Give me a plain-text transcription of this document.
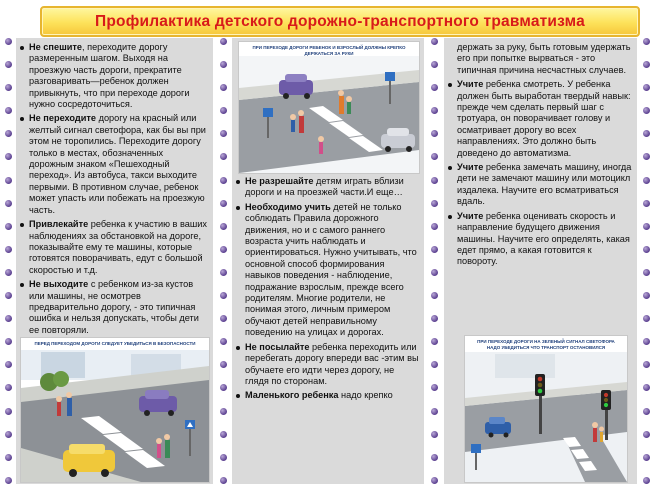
Профилактика детского дорожно-транспортного травматизма
Не спешите, переходите дорогу размеренным шагом. Выходя на проезжую часть дороги, прекратите разговаривать—ребенок должен привыкнуть, что при переходе дороги нужно сосредоточиться.
Не переходите дорогу на красный или желтый сигнал светофора, как бы вы при этом не торопились. Переходите дорогу только в местах, обозначенных дорожным знаком «Пешеходный переход». Из автобуса, такси выходите первыми. В противном случае, ребенок может упасть или побежать на проезжую часть.
Привлекайте ребенка к участию в ваших наблюдениях за обстановкой на дороге, показывайте ему те машины, которые готовятся поворачивать, едут с большой скоростью и т.д.
Не выходите с ребенком из-за кустов или машины, не осмотрев предварительно дорогу, - это типичная ошибка и нельзя допускать, чтобы дети ее повторяли.
ПЕРЕД ПЕРЕХОДОМ ДОРОГИ СЛЕДУЕТ УБЕДИТЬСЯ В БЕЗОПАСНОСТИ
ПРИ ПЕРЕХОДЕ ДОРОГИ РЕБЕНОК И ВЗРОСЛЫЙ ДОЛЖНЫ КРЕПКО ДЕРЖАТЬСЯ ЗА РУКИ
Не разрешайте детям играть вблизи дороги и на проезжей части.И еще…
Необходимо учить детей не только соблюдать Правила дорожного движения, но и с самого раннего возраста учить наблюдать и ориентироваться. Нужно учитывать, что основной способ формирования навыков поведения - наблюдение, подражание взрослым, прежде всего родителям. Многие родители, не понимая этого, личным примером обучают детей неправильному поведению на улицах и дорогах.
Не посылайте ребенка переходить или перебегать дорогу впереди вас -этим вы обучаете его идти через дорогу, не глядя по сторонам.
Маленького ребенка надо крепко

держать за руку, быть готовым удержать его при попытке вырваться - это типичная причина несчастных случаев.

Учите ребенка смотреть. У ребенка должен быть выработан твердый навык: прежде чем сделать первый шаг с тротуара, он поворачивает голову и осматривает дорогу во всех направлениях. Это должно быть доведено до автоматизма.
Учите ребенка замечать машину, иногда дети не замечают машину или мотоцикл издалека. Научите его всматриваться вдаль.
Учите ребенка оценивать скорость и направление будущего движения машины. Научите его определять, какая едет прямо, а какая готовится к повороту.
ПРИ ПЕРЕХОДЕ ДОРОГИ НА ЗЕЛЕНЫЙ СИГНАЛ СВЕТОФОРА НАДО УБЕДИТЬСЯ ЧТО ТРАНСПОРТ ОСТАНОВИЛСЯ
